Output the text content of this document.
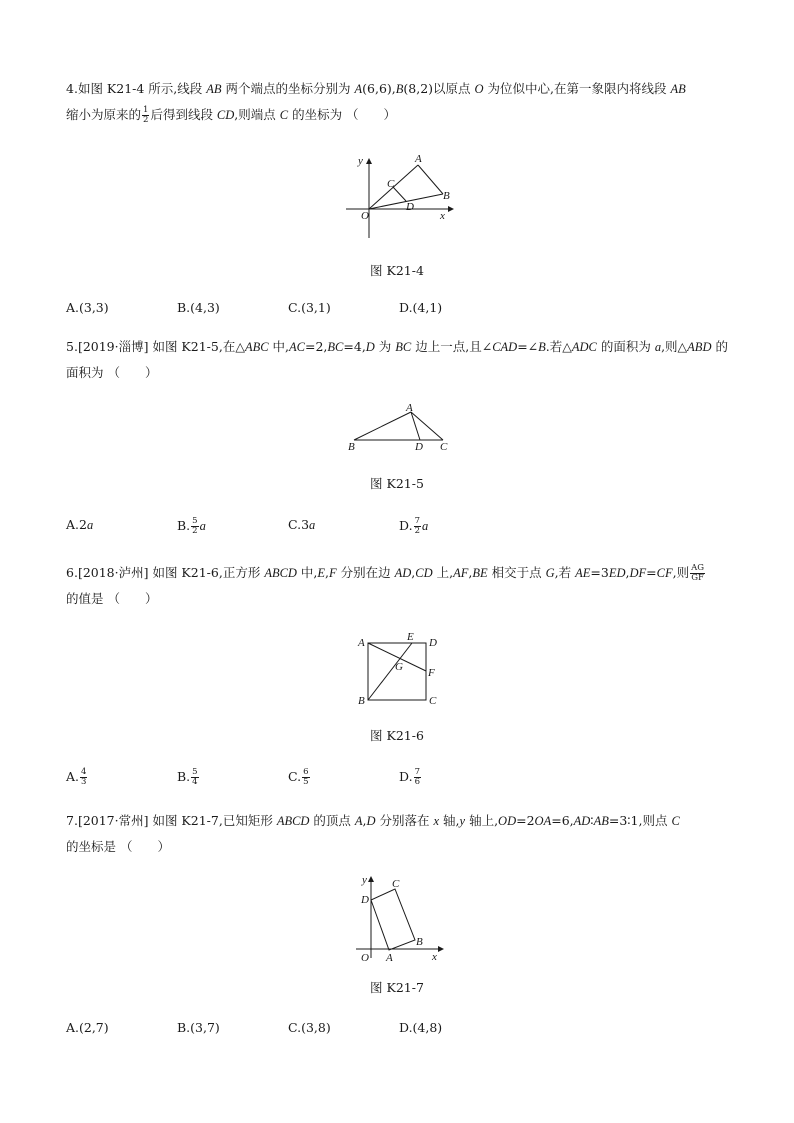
4.如图 K21-4 所示,线段 AB 两个端点的坐标分别为 A(6,6),B(8,2)以原点 O 为位似中心,在第一象限内将线段 AB
缩小为原来的 $\frac{1}{2}$ 后得到线段 CD,则端点 C 的坐标为 （　　）
y
x
O
A
B
C
D
图 K21-4
A.(3,3)	B.(4,3)	C.(3,1)	D.(4,1)
5.[2019·淄博] 如图 K21-5,在△ABC 中,AC=2,BC=4,D 为 BC 边上一点,且∠CAD=∠B.若△ADC 的面积为 a,则△ABD 的面积为 （　　）
A
B	D C
图 K21-5
A.2a	B. $\frac{5}{2}$ a	C.3a	D. $\frac{7}{2}$ a
6.[2018·泸州] 如图 K21-6,正方形 ABCD 中,E,F 分别在边 AD,CD 上,AF,BE 相交于点 G,若 AE=3ED,DF=CF,则 $\frac{AG}{GF}$

的值是 （　　）
A	E D
G F
B	C
图 K21-6
A. $\frac{4}{3}$	B. $\frac{5}{4}$	C. $\frac{6}{5}$	D. $\frac{7}{6}$
7.[2017·常州] 如图 K21-7,已知矩形 ABCD 的顶点 A,D 分别落在 x 轴,y 轴上,OD=2OA=6,AD∶AB=3∶1,则点 C
的坐标是 （　　）
y
x
O A
B
C
D
图 K21-7
A.(2,7)	B.(3,7)	C.(3,8)	D.(4,8)
